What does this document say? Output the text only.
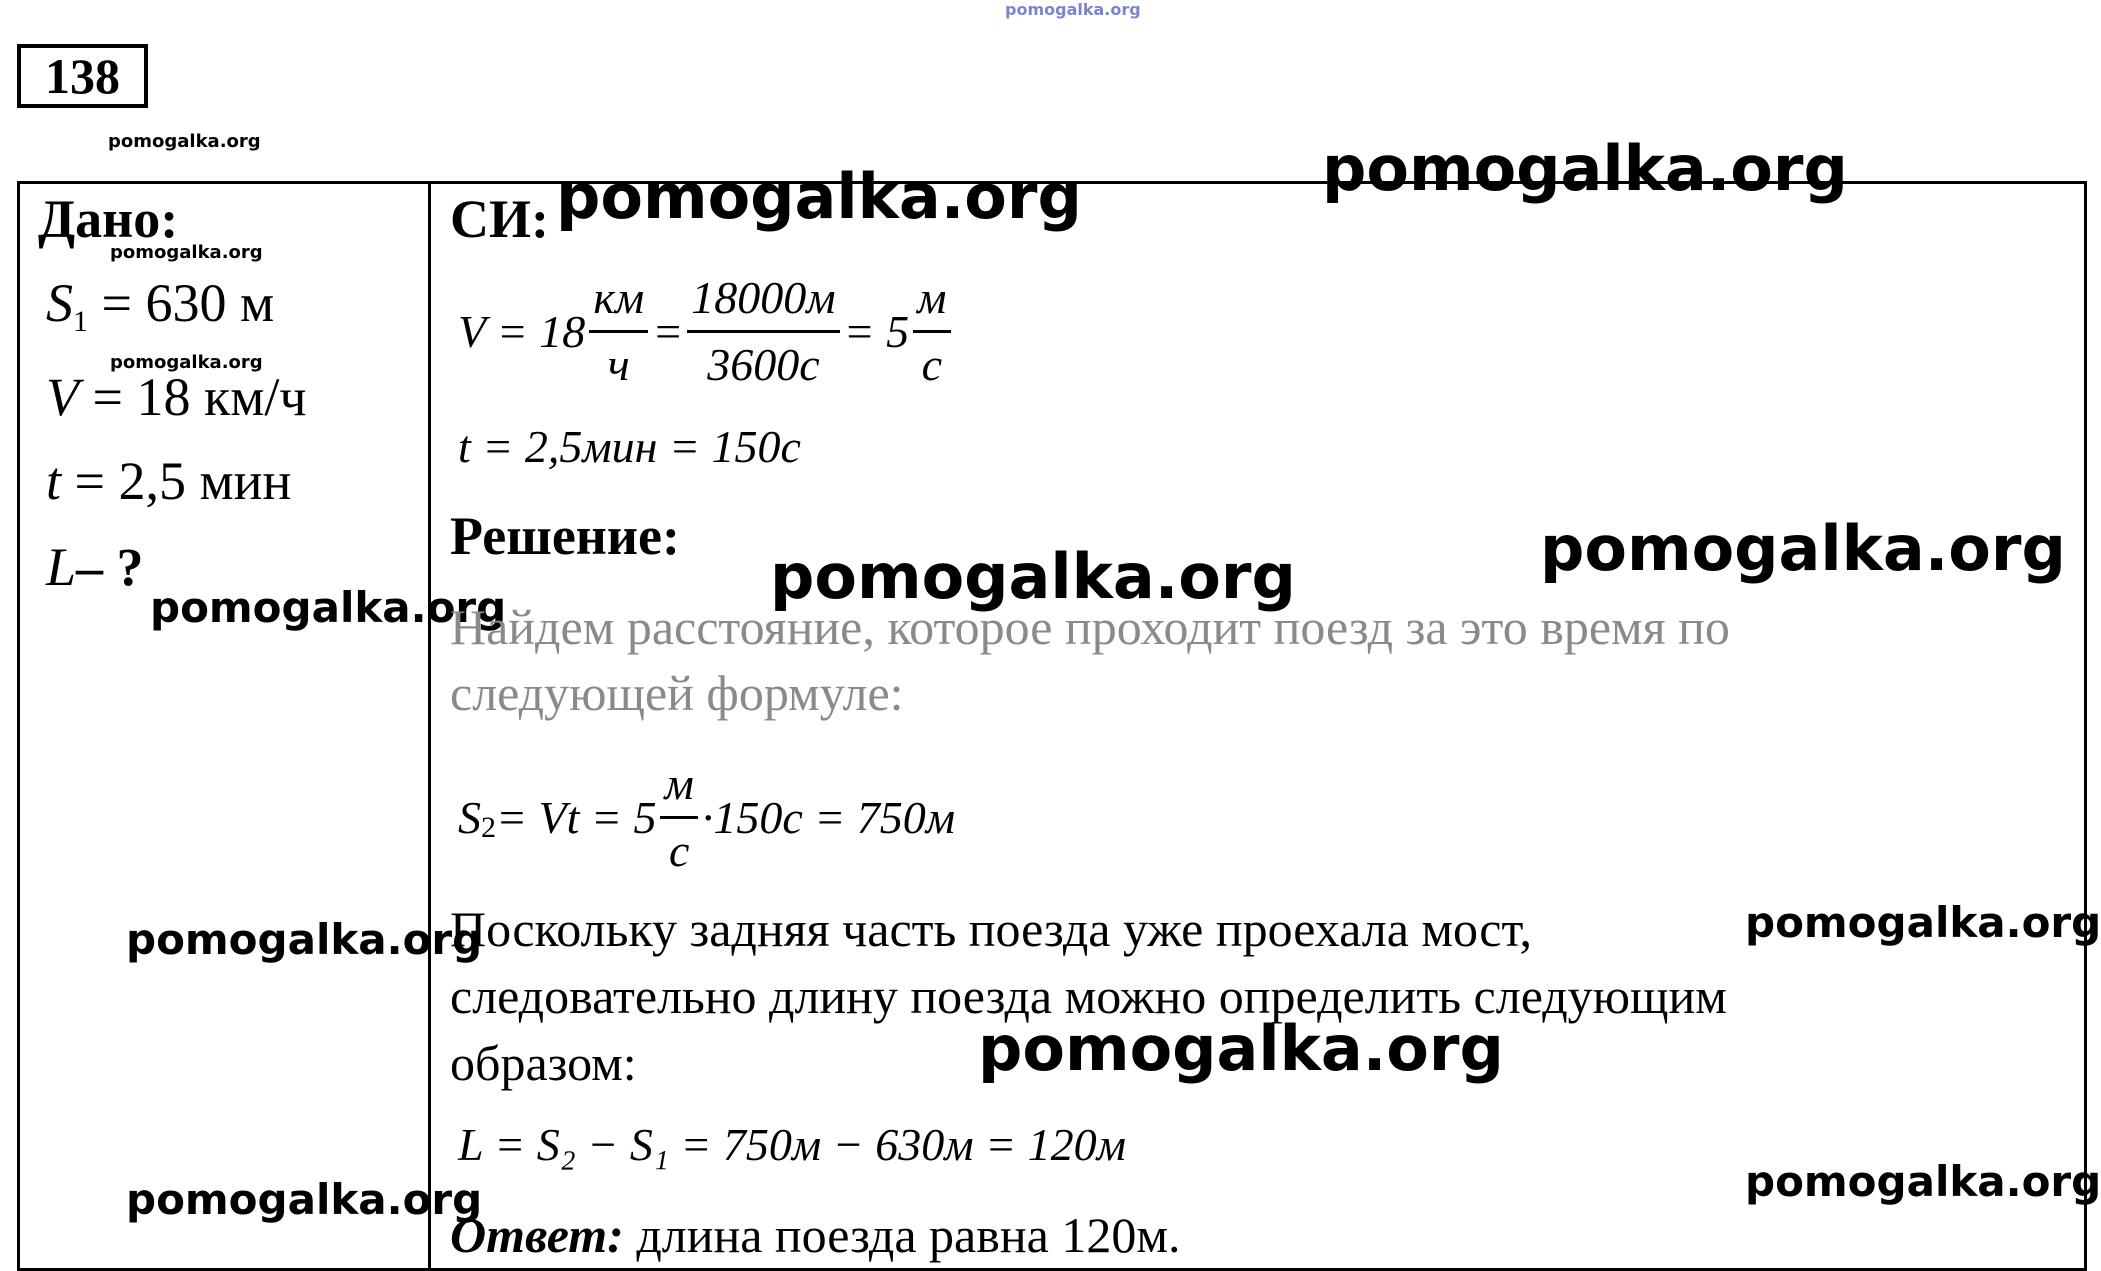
pomogalka.org
138
pomogalka.org
Дано:
pomogalka.org
S1 = 630 м
pomogalka.org
V = 18 км/ч
t = 2,5 мин
L– ?
pomogalka.org
pomogalka.org
pomogalka.org
СИ: pomogalka.org	pomogalka.org
$V = 18 \frac{км}{ч} = \frac{18000м}{3600с} = 5 \frac{м}{с}$
t = 2,5мин = 150с
Решение:
pomogalka.org	pomogalka.org
Найдем расстояние, которое проходит поезд за это время по
следующей формуле:
S $2 = Vt = 5 \frac{м}{с} \cdot 150с = 750м$
Поскольку задняя часть поезда уже проехала мост,	pomogalka.org
следовательно длину поезда можно определить следующим
образом:	pomogalka.org
L = S₂ − S₁ = 750м − 630м = 120м
pomogalka.org
Ответ: длина поезда равна 120м.
